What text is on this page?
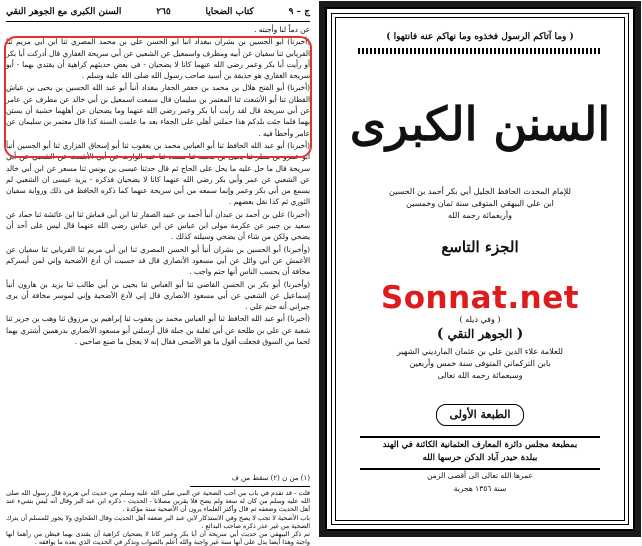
ج – ٩
كتاب الضحايا
٢٦٥
السنن الكبرى مع الجوهر النقي

عن دماً لنا وأجبته .

(أخبرنا) أبو الحسين بن بشران ببغداد أنبأ أبو الحسن علي بن محمد المصري ثنا ابن أبي مريم ثنا الفريابي ثنا سفيان عن أبيه ومطرف واسمعيل عن الشعبي عن أبي سريحة الغفاري قال أدركت أبا بكر أو رأيت أبا بكر وعمر رضي الله عنهما كانا لا يضحيان - في بعض حديثهم كراهية أن يقتدي بهما - أبو سريحة الغفاري هو حذيفة بن أسيد صاحب رسول الله صلى الله عليه وسلم .

(أخبرنا) أبو الفتح هلال بن محمد بن جعفر الحفار ببغداد أنبأ أبو عبد الله الحسين بن يحيى بن عياش القطان ثنا أبو الأشعث ثنا المعتمر بن سليمان قال سمعت اسمعيل بن أبي خالد عن مطرف عن عامر عن أبي سريحة قال لقد رأيت أبا بكر وعمر رضي الله عنهما وما يضحيان عن أهلهما خشية أن يستن بهما فلما جئت بلدكم هذا حملني أهلي على الجفاء بعد ما علمت السنة كذا قال معتمر بن سليمان عن عامر وأخطأ فيه .

(أخبرنا) أبو عبد الله الحافظ ثنا أبو العباس محمد بن يعقوب ثنا أبو إسحاق الفزاري ثنا أبو الحسين أنبأ أبو عمرو بن مطر ثنا يحيى بن محمد ثنا مسدد ثنا عبد الوارث عن أبي الأشعث عن الشعبي عن أبي سريحة قال ما حل عليه ما يحل على الحاج ثم قال حدثنا عيسى بن يونس ثنا مسعر عن ابن أبي خالد عن الشعبي عن عمر وأبي بكر رضي الله عنهما كانا لا يضحيان فذكره - يريد عيسى ان الشعبي لم يسمع من أبي بكر وعمر وإنما سمعه من أبي سريحة عنهما كما ذكره الحافظ في ذلك ورواية سفيان الثوري ثم كذا نقل بعضهم .

(أخبرنا) علي بن أحمد بن عبدان أنبأ أحمد بن عبيد الصفار ثنا ابن أبي قماش ثنا ابن عائشة ثنا حماد عن سعيد بن جبير عن عكرمة مولى ابن عباس عن ابن عباس رضي الله عنهما قال ليس على أحد أن يضحي ولكن من شاء أن يضحي وسيلته كذلك .

(وأخبرنا) أبو الحسين بن بشران أنبأ أبو الحسن المصري ثنا ابن أبي مريم ثنا الفريابي ثنا سفيان عن الأعمش عن أبي وائل عن أبي مسعود الأنصاري قال قد حسبت أن أدع الأضحية وإني لمن أيسركم مخافة أن يحسب الناس أنها حتم واجب .

(وأخبرنا) أبو بكر بن الحسن القاضي ثنا أبو العباس ثنا يحيى بن أبي طالب ثنا يزيد بن هارون أنبأ إسماعيل عن الشعبي عن أبي مسعود الأنصاري قال إني لأدع الأضحية وإني لموسر مخافة أن يرى جيراني أنه حتم علي .

(أخبرنا) أبو عبد الله الحافظ ثنا أبو العباس محمد بن يعقوب ثنا إبراهيم بن مرزوق ثنا وهب بن جرير ثنا شعبة عن علي بن طلحة عن أبي ثعلبة بن جبلة قال أرسلني أبو مسعود الأنصاري بدرهمين أشتري بهما لحما من السوق فجعلت أقول ما هو الأضحى فقال إنه لا يعجل ما صنع صاحبي .

(١) من ن (٢) سقط من ف
قلت - قد تقدم في باب من أحب الضحية عن النبي صلى الله عليه وسلم من حديث أبي هريرة قال رسول الله صلى الله عليه وسلم من كان له سعة ولم يضح فلا يقربن مصلانا - الحديث - ذكره ابن عبد البر وقال أنه ليس بشيء عند أهل الحديث وضعفه ثم قال وأكثر العلماء يرون أن الأضحية سنة مؤكدة .
باب الأضحية لا تجب لا يصح وفي الاستذكار لابن عبد البر ضعفه أهل الحديث وقال الطحاوي ولا يجوز للمسلم أن يترك الضحية من غير عذر ذكره صاحب البدائع .
ثم ذكر البيهقي من حديث أبي سريحة أن أبا بكر وعمر كانا لا يضحيان كراهية أن يقتدى بهما فيظن من رآهما أنها واجبة وهذا أيضا يدل على أنها سنة غير واجبة والله أعلم بالصواب ونذكر في الحديث الذي بعده ما يوافقه .
( وما آتاكم الرسول فخذوه وما نهاكم عنه فانتهوا )
السنن الكبرى
للإمام المحدث الحافظ الجليل أبي بكر أحمد بن الحسين
ابن علي البيهقي المتوفى سنة ثمان وخمسين
وأربعمائة رحمه الله
الجزء التاسع
Sonnat.net
( وفي ذيله )
( الجوهر النقي )
للعلامة علاء الدين علي بن عثمان المارديني الشهير
بابن التركماني المتوفى سنة خمس وأربعين
وسبعمائة رحمه الله تعالى
الطبعة الأولى
بمطبعة مجلس دائرة المعارف العثمانية الكائنة في الهند
ببلدة حيدر آباد الدكن حرسها الله
عمرها الله تعالى الى أقصى الزمن
سنة ١٣٥٦ هجرية
